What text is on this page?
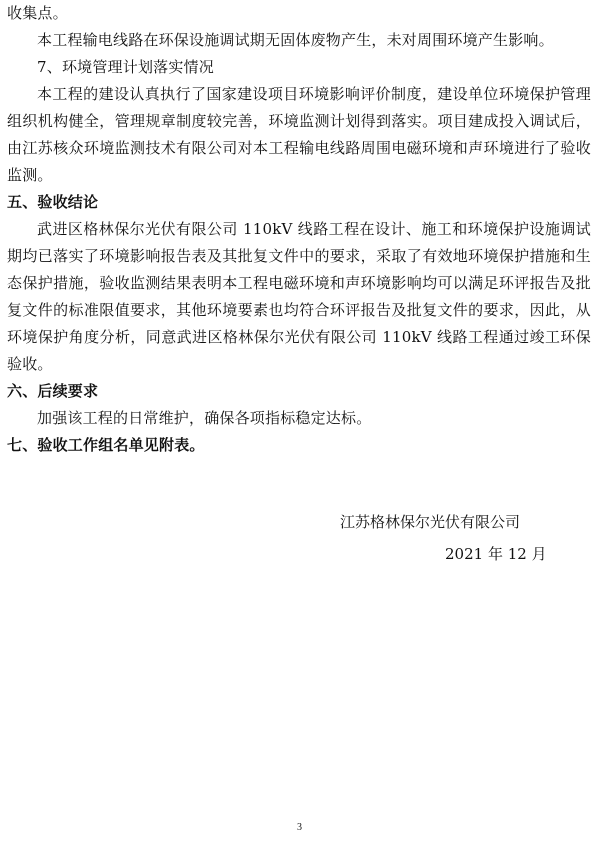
收集点。

本工程输电线路在环保设施调试期无固体废物产生，未对周围环境产生影响。

7、环境管理计划落实情况

本工程的建设认真执行了国家建设项目环境影响评价制度，建设单位环境保护管理组织机构健全，管理规章制度较完善，环境监测计划得到落实。项目建成投入调试后，由江苏核众环境监测技术有限公司对本工程输电线路周围电磁环境和声环境进行了验收监测。

五、验收结论

武进区格林保尔光伏有限公司 110kV 线路工程在设计、施工和环境保护设施调试期均已落实了环境影响报告表及其批复文件中的要求，采取了有效地环境保护措施和生态保护措施，验收监测结果表明本工程电磁环境和声环境影响均可以满足环评报告及批复文件的标准限值要求，其他环境要素也均符合环评报告及批复文件的要求，因此，从环境保护角度分析，同意武进区格林保尔光伏有限公司 110kV 线路工程通过竣工环保验收。

六、后续要求

加强该工程的日常维护，确保各项指标稳定达标。

七、验收工作组名单见附表。

江苏格林保尔光伏有限公司
2021 年 12 月
3
